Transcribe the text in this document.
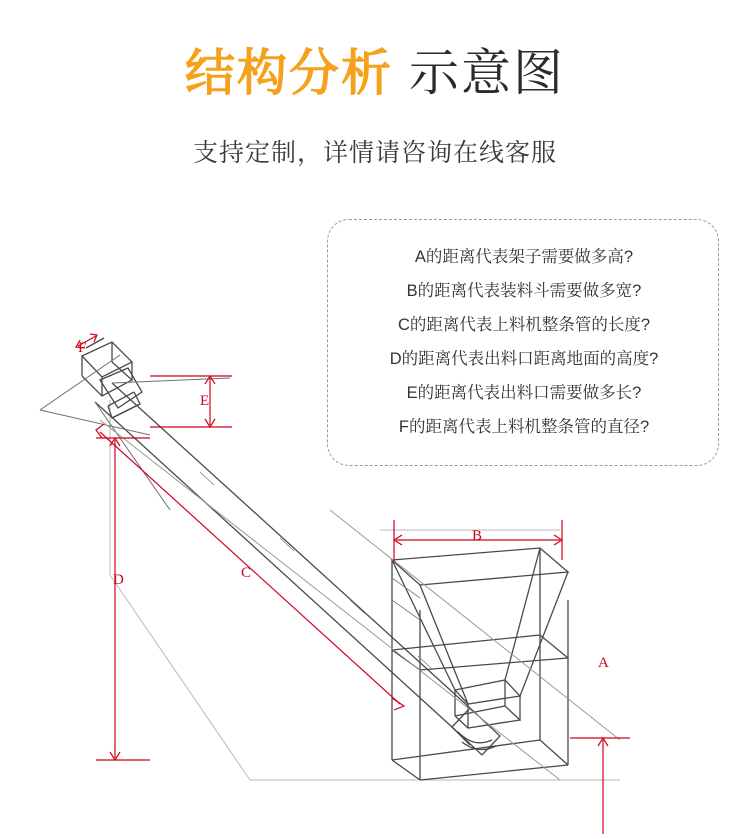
结构分析 示意图
支持定制，详情请咨询在线客服
A的距离代表架子需要做多高?
B的距离代表装料斗需要做多宽?
C的距离代表上料机整条管的长度?
D的距离代表出料口距离地面的高度?
E的距离代表出料口需要做多长?
F的距离代表上料机整条管的直径?
A
B
C
D
E
F
